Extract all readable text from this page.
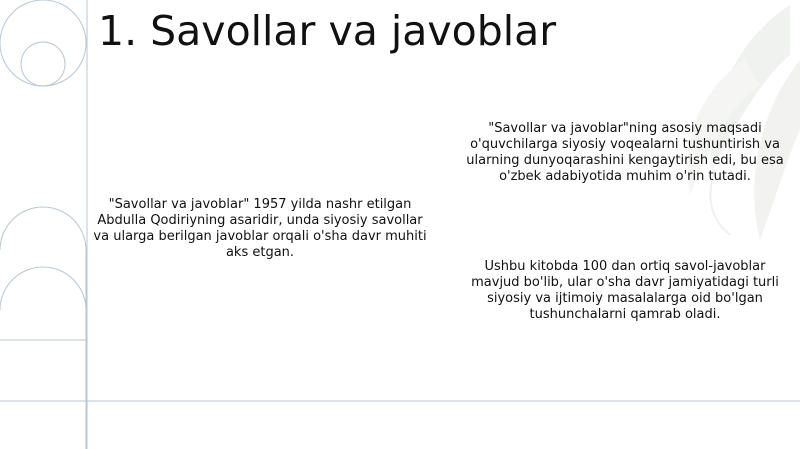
1. Savollar va javoblar

"Savollar va javoblar" 1957 yilda nashr etilgan Abdulla Qodiriyning asaridir, unda siyosiy savollar va ularga berilgan javoblar orqali o'sha davr muhiti aks etgan.

"Savollar va javoblar"ning asosiy maqsadi o'quvchilarga siyosiy voqealarni tushuntirish va ularning dunyoqarashini kengaytirish edi, bu esa o'zbek adabiyotida muhim o'rin tutadi.

Ushbu kitobda 100 dan ortiq savol-javoblar mavjud bo'lib, ular o'sha davr jamiyatidagi turli siyosiy va ijtimoiy masalalarga oid bo'lgan tushunchalarni qamrab oladi.
